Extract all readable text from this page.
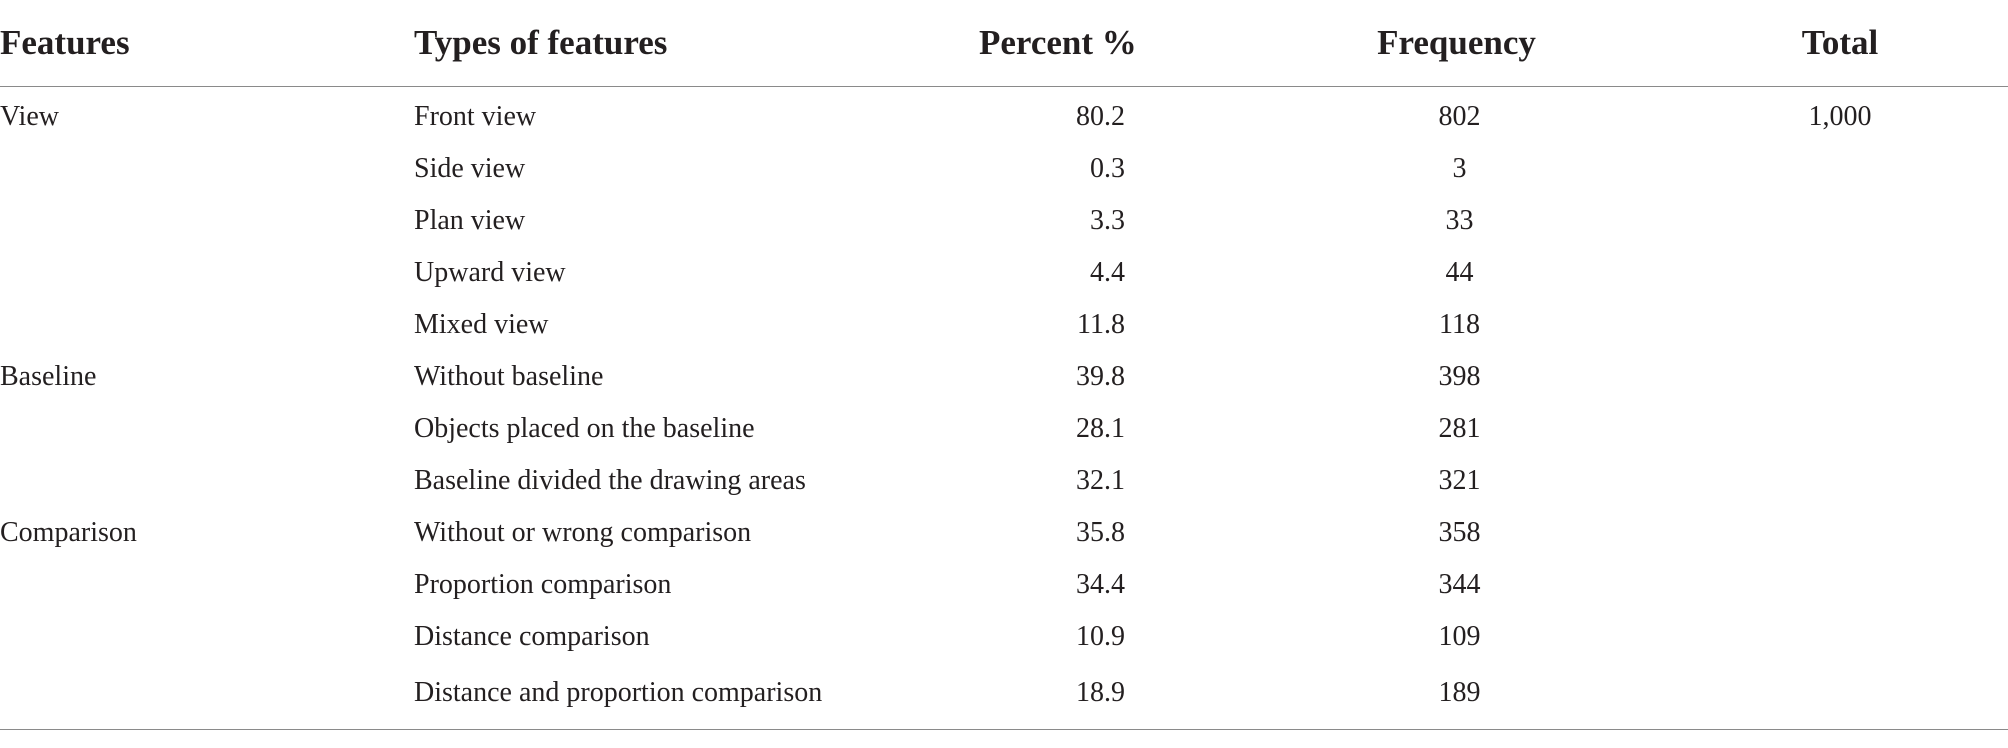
Features	Types of features	Percent %	Frequency	Total
View	Front view	80.2	802	1,000
	Side view	0.3	3	
	Plan view	3.3	33	
	Upward view	4.4	44	
	Mixed view	11.8	118	
Baseline	Without baseline	39.8	398	
	Objects placed on the baseline	28.1	281	
	Baseline divided the drawing areas	32.1	321	
Comparison	Without or wrong comparison	35.8	358	
	Proportion comparison	34.4	344	
	Distance comparison	10.9	109	
	Distance and proportion comparison	18.9	189	
